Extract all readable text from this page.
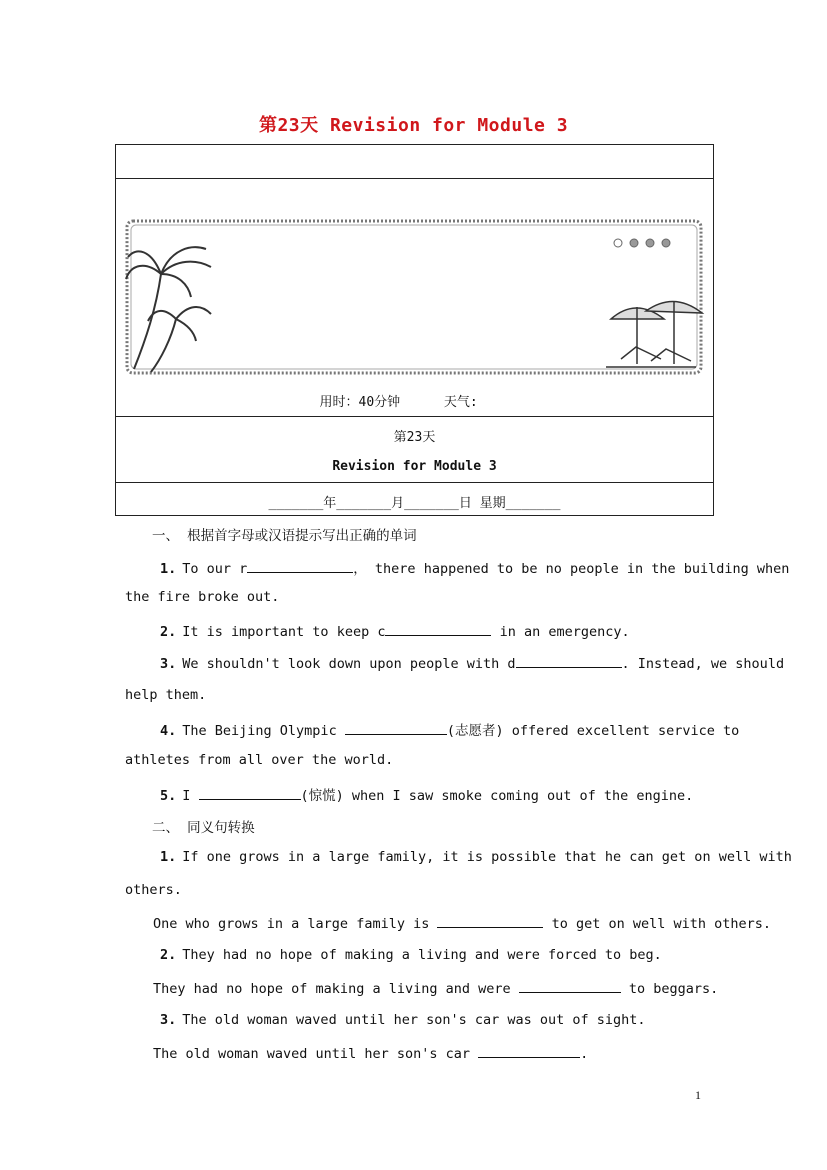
第23天 Revision for Module 3
用时：40分钟	天气:
第23天
Revision for Module 3
_______年_______月_______日 星期_______
一、 根据首字母或汉语提示写出正确的单词
1. To our r	， there happened to be no people in the building when
the fire broke out.
2. It is important to keep c	in an emergency.
3. We shouldn't look down upon people with d	. Instead, we should
help them.
4. The Beijing Olympic	(志愿者) offered excellent service to
athletes from all over the world.
5. I	(惊慌) when I saw smoke coming out of the engine.
二、 同义句转换
1. If one grows in a large family, it is possible that he can get on well with
others.
One who grows in a large family is	to get on well with others.
2. They had no hope of making a living and were forced to beg.
They had no hope of making a living and were	to beggars.
3. The old woman waved until her son's car was out of sight.
The old woman waved until her son's car	.
1
